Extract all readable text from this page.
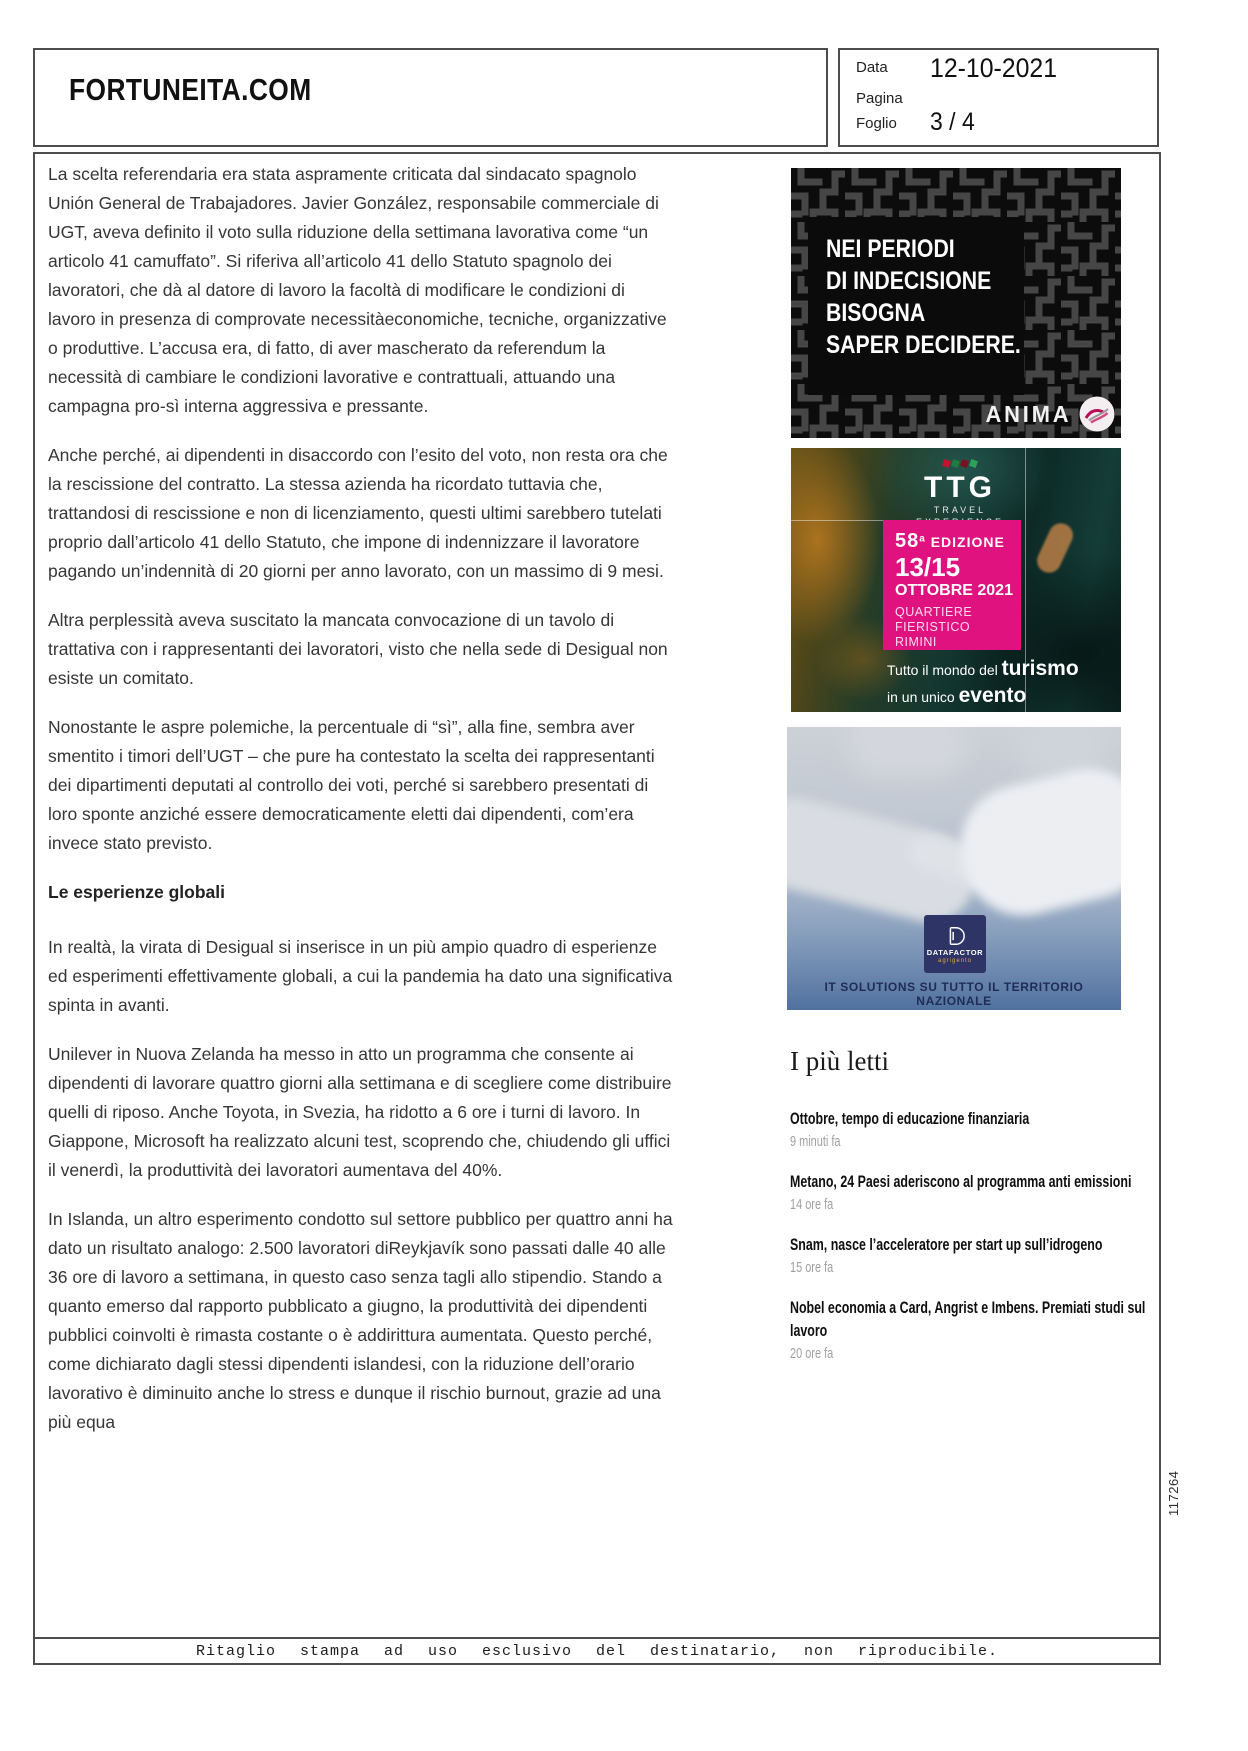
FORTUNEITA.COM
Data 12-10-2021
Pagina
Foglio 3 / 4

La scelta referendaria era stata aspramente criticata dal sindacato spagnolo Unión General de Trabajadores. Javier González, responsabile commerciale di UGT, aveva definito il voto sulla riduzione della settimana lavorativa come “un articolo 41 camuffato”. Si riferiva all’articolo 41 dello Statuto spagnolo dei lavoratori, che dà al datore di lavoro la facoltà di modificare le condizioni di lavoro in presenza di comprovate necessitàeconomiche, tecniche, organizzative o produttive. L’accusa era, di fatto, di aver mascherato da referendum la necessità di cambiare le condizioni lavorative e contrattuali, attuando una campagna pro-sì interna aggressiva e pressante.

Anche perché, ai dipendenti in disaccordo con l’esito del voto, non resta ora che la rescissione del contratto. La stessa azienda ha ricordato tuttavia che, trattandosi di rescissione e non di licenziamento, questi ultimi sarebbero tutelati proprio dall’articolo 41 dello Statuto, che impone di indennizzare il lavoratore pagando un’indennità di 20 giorni per anno lavorato, con un massimo di 9 mesi.

Altra perplessità aveva suscitato la mancata convocazione di un tavolo di trattativa con i rappresentanti dei lavoratori, visto che nella sede di Desigual non esiste un comitato.

Nonostante le aspre polemiche, la percentuale di “sì”, alla fine, sembra aver smentito i timori dell’UGT – che pure ha contestato la scelta dei rappresentanti dei dipartimenti deputati al controllo dei voti, perché si sarebbero presentati di loro sponte anziché essere democraticamente eletti dai dipendenti, com’era invece stato previsto.

Le esperienze globali

In realtà, la virata di Desigual si inserisce in un più ampio quadro di esperienze ed esperimenti effettivamente globali, a cui la pandemia ha dato una significativa spinta in avanti.

Unilever in Nuova Zelanda ha messo in atto un programma che consente ai dipendenti di lavorare quattro giorni alla settimana e di scegliere come distribuire quelli di riposo. Anche Toyota, in Svezia, ha ridotto a 6 ore i turni di lavoro. In Giappone, Microsoft ha realizzato alcuni test, scoprendo che, chiudendo gli uffici il venerdì, la produttività dei lavoratori aumentava del 40%.

In Islanda, un altro esperimento condotto sul settore pubblico per quattro anni ha dato un risultato analogo: 2.500 lavoratori diReykjavík sono passati dalle 40 alle 36 ore di lavoro a settimana, in questo caso senza tagli allo stipendio. Stando a quanto emerso dal rapporto pubblicato a giugno, la produttività dei dipendenti pubblici coinvolti è rimasta costante o è addirittura aumentata. Questo perché, come dichiarato dagli stessi dipendenti islandesi, con la riduzione dell’orario lavorativo è diminuito anche lo stress e dunque il rischio burnout, grazie ad una più equa

NEI PERIODI
DI INDECISIONE
BISOGNA
SAPER DECIDERE.
ANIMA
TTG
TRAVEL
58$^a$ EDIZIONE
13/15
OTTOBRE 2021
QUARTIERE
FIERISTICO
RIMINI
Tutto il mondo del turismo
in un unico evento
DATAFACTOR
agrigento
IT SOLUTIONS SU TUTTO IL TERRITORIO NAZIONALE
I più letti
Ottobre, tempo di educazione finanziaria
9 minuti fa
Metano, 24 Paesi aderiscono al programma anti emissioni
14 ore fa
Snam, nasce l’acceleratore per start up sull’idrogeno
15 ore fa
Nobel economia a Card, Angrist e Imbens. Premiati studi sul lavoro
20 ore fa
Ritaglio stampa ad uso esclusivo del destinatario, non riproducibile.
117264
